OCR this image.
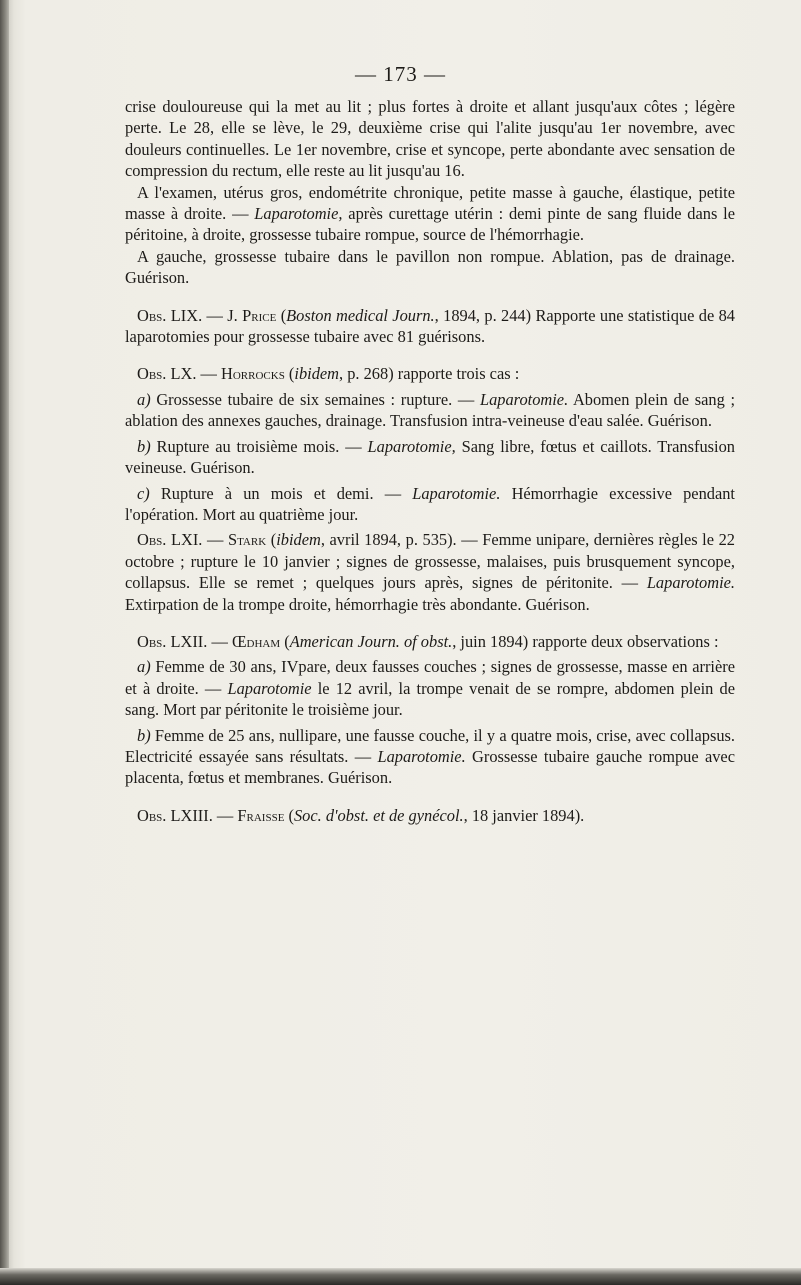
— 173 —

crise douloureuse qui la met au lit ; plus fortes à droite et allant jusqu'aux côtes ; légère perte. Le 28, elle se lève, le 29, deuxième crise qui l'alite jusqu'au 1er novembre, avec douleurs continuelles. Le 1er novembre, crise et syncope, perte abondante avec sensation de compression du rectum, elle reste au lit jusqu'au 16.

A l'examen, utérus gros, endométrite chronique, petite masse à gauche, élastique, petite masse à droite. — Laparotomie, après curettage utérin : demi pinte de sang fluide dans le péritoine, à droite, grossesse tubaire rompue, source de l'hémorrhagie.

A gauche, grossesse tubaire dans le pavillon non rompue. Ablation, pas de drainage. Guérison.

Obs. LIX. — J. Price (Boston medical Journ., 1894, p. 244) Rapporte une statistique de 84 laparotomies pour grossesse tubaire avec 81 guérisons.

Obs. LX. — Horrocks (ibidem, p. 268) rapporte trois cas :

a) Grossesse tubaire de six semaines : rupture. — Laparotomie. Abomen plein de sang ; ablation des annexes gauches, drainage. Transfusion intra-veineuse d'eau salée. Guérison.

b) Rupture au troisième mois. — Laparotomie, Sang libre, fœtus et caillots. Transfusion veineuse. Guérison.

c) Rupture à un mois et demi. — Laparotomie. Hémorrhagie excessive pendant l'opération. Mort au quatrième jour.

Obs. LXI. — Stark (ibidem, avril 1894, p. 535). — Femme unipare, dernières règles le 22 octobre ; rupture le 10 janvier ; signes de grossesse, malaises, puis brusquement syncope, collapsus. Elle se remet ; quelques jours après, signes de péritonite. — Laparotomie. Extirpation de la trompe droite, hémorrhagie très abondante. Guérison.

Obs. LXII. — Œdham (American Journ. of obst., juin 1894) rapporte deux observations :

a) Femme de 30 ans, IVpare, deux fausses couches ; signes de grossesse, masse en arrière et à droite. — Laparotomie le 12 avril, la trompe venait de se rompre, abdomen plein de sang. Mort par péritonite le troisième jour.

b) Femme de 25 ans, nullipare, une fausse couche, il y a quatre mois, crise, avec collapsus. Electricité essayée sans résultats. — Laparotomie. Grossesse tubaire gauche rompue avec placenta, fœtus et membranes. Guérison.

Obs. LXIII. — Fraisse (Soc. d'obst. et de gynécol., 18 janvier 1894).
